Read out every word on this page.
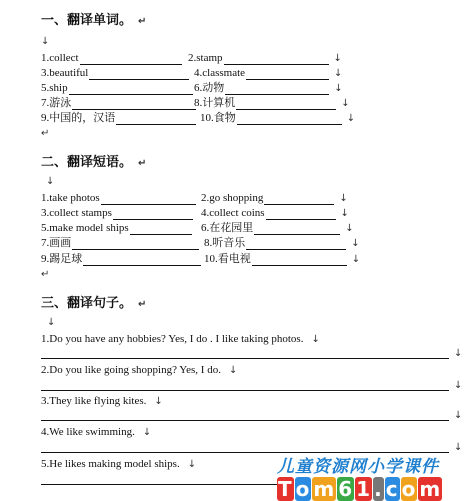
一、翻译单词。 ↵
↓
1.collect	2.stamp	↓
3.beautiful	4.classmate	↓
5.ship	6.动物	↓
7.游泳	8.计算机	↓
9.中国的，汉语	10.食物	↓
↵
二、翻译短语。 ↵
↓
1.take photos	2.go shopping	↓
3.collect stamps	4.collect coins	↓
5.make model ships	6.在花园里	↓
7.画画	8.听音乐	↓
9.踢足球	10.看电视	↓
↵
三、翻译句子。 ↵
↓
1.Do you have any hobbies? Yes, I do . I like taking photos. ↓
↓
2.Do you like going shopping? Yes, I do. ↓
↓
3.They like flying kites. ↓
↓
4.We like swimming. ↓
↓
5.He likes making model ships. ↓	儿童资源网小学课件
T o m 6 1 . c o m
